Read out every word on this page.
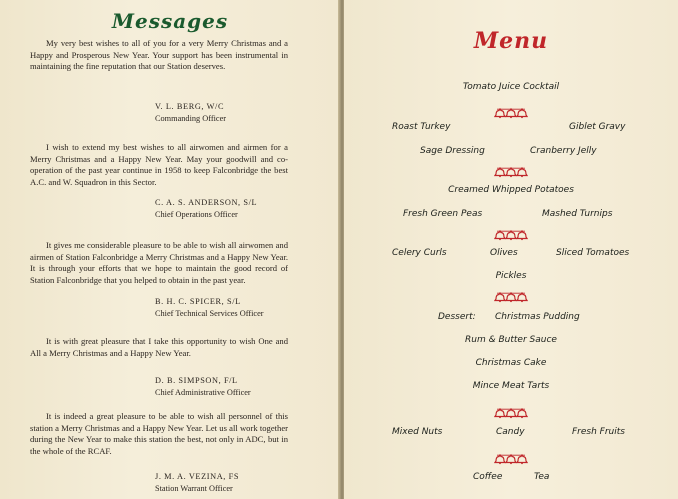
Messages
My very best wishes to all of you for a very Merry Christmas and a Happy and Prosperous New Year. Your support has been instrumental in maintaining the fine reputation that our Station deserves.
V. L. BERG, W/C
Commanding Officer
I wish to extend my best wishes to all airwomen and airmen for a Merry Christmas and a Happy New Year. May your goodwill and co-operation of the past year continue in 1958 to keep Falconbridge the best A.C. and W. Squadron in this Sector.
C. A. S. ANDERSON, S/L
Chief Operations Officer
It gives me considerable pleasure to be able to wish all airwomen and airmen of Station Falconbridge a Merry Christmas and a Happy New Year. It is through your efforts that we hope to maintain the good record of Station Falconbridge that you helped to obtain in the past year.
B. H. C. SPICER, S/L
Chief Technical Services Officer
It is with great pleasure that I take this opportunity to wish One and All a Merry Christmas and a Happy New Year.
D. B. SIMPSON, F/L
Chief Administrative Officer
It is indeed a great pleasure to be able to wish all personnel of this station a Merry Christmas and a Happy New Year. Let us all work together during the New Year to make this station the best, not only in ADC, but in the whole of the RCAF.
J. M. A. VEZINA, FS
Station Warrant Officer
Menu
Tomato Juice Cocktail
Roast Turkey	Giblet Gravy
Sage Dressing	Cranberry Jelly
Creamed Whipped Potatoes
Fresh Green Peas	Mashed Turnips
Celery Curls	Olives	Sliced Tomatoes
Pickles
Dessert: Christmas Pudding
Rum & Butter Sauce
Christmas Cake
Mince Meat Tarts
Mixed Nuts	Candy	Fresh Fruits
Coffee	Tea
